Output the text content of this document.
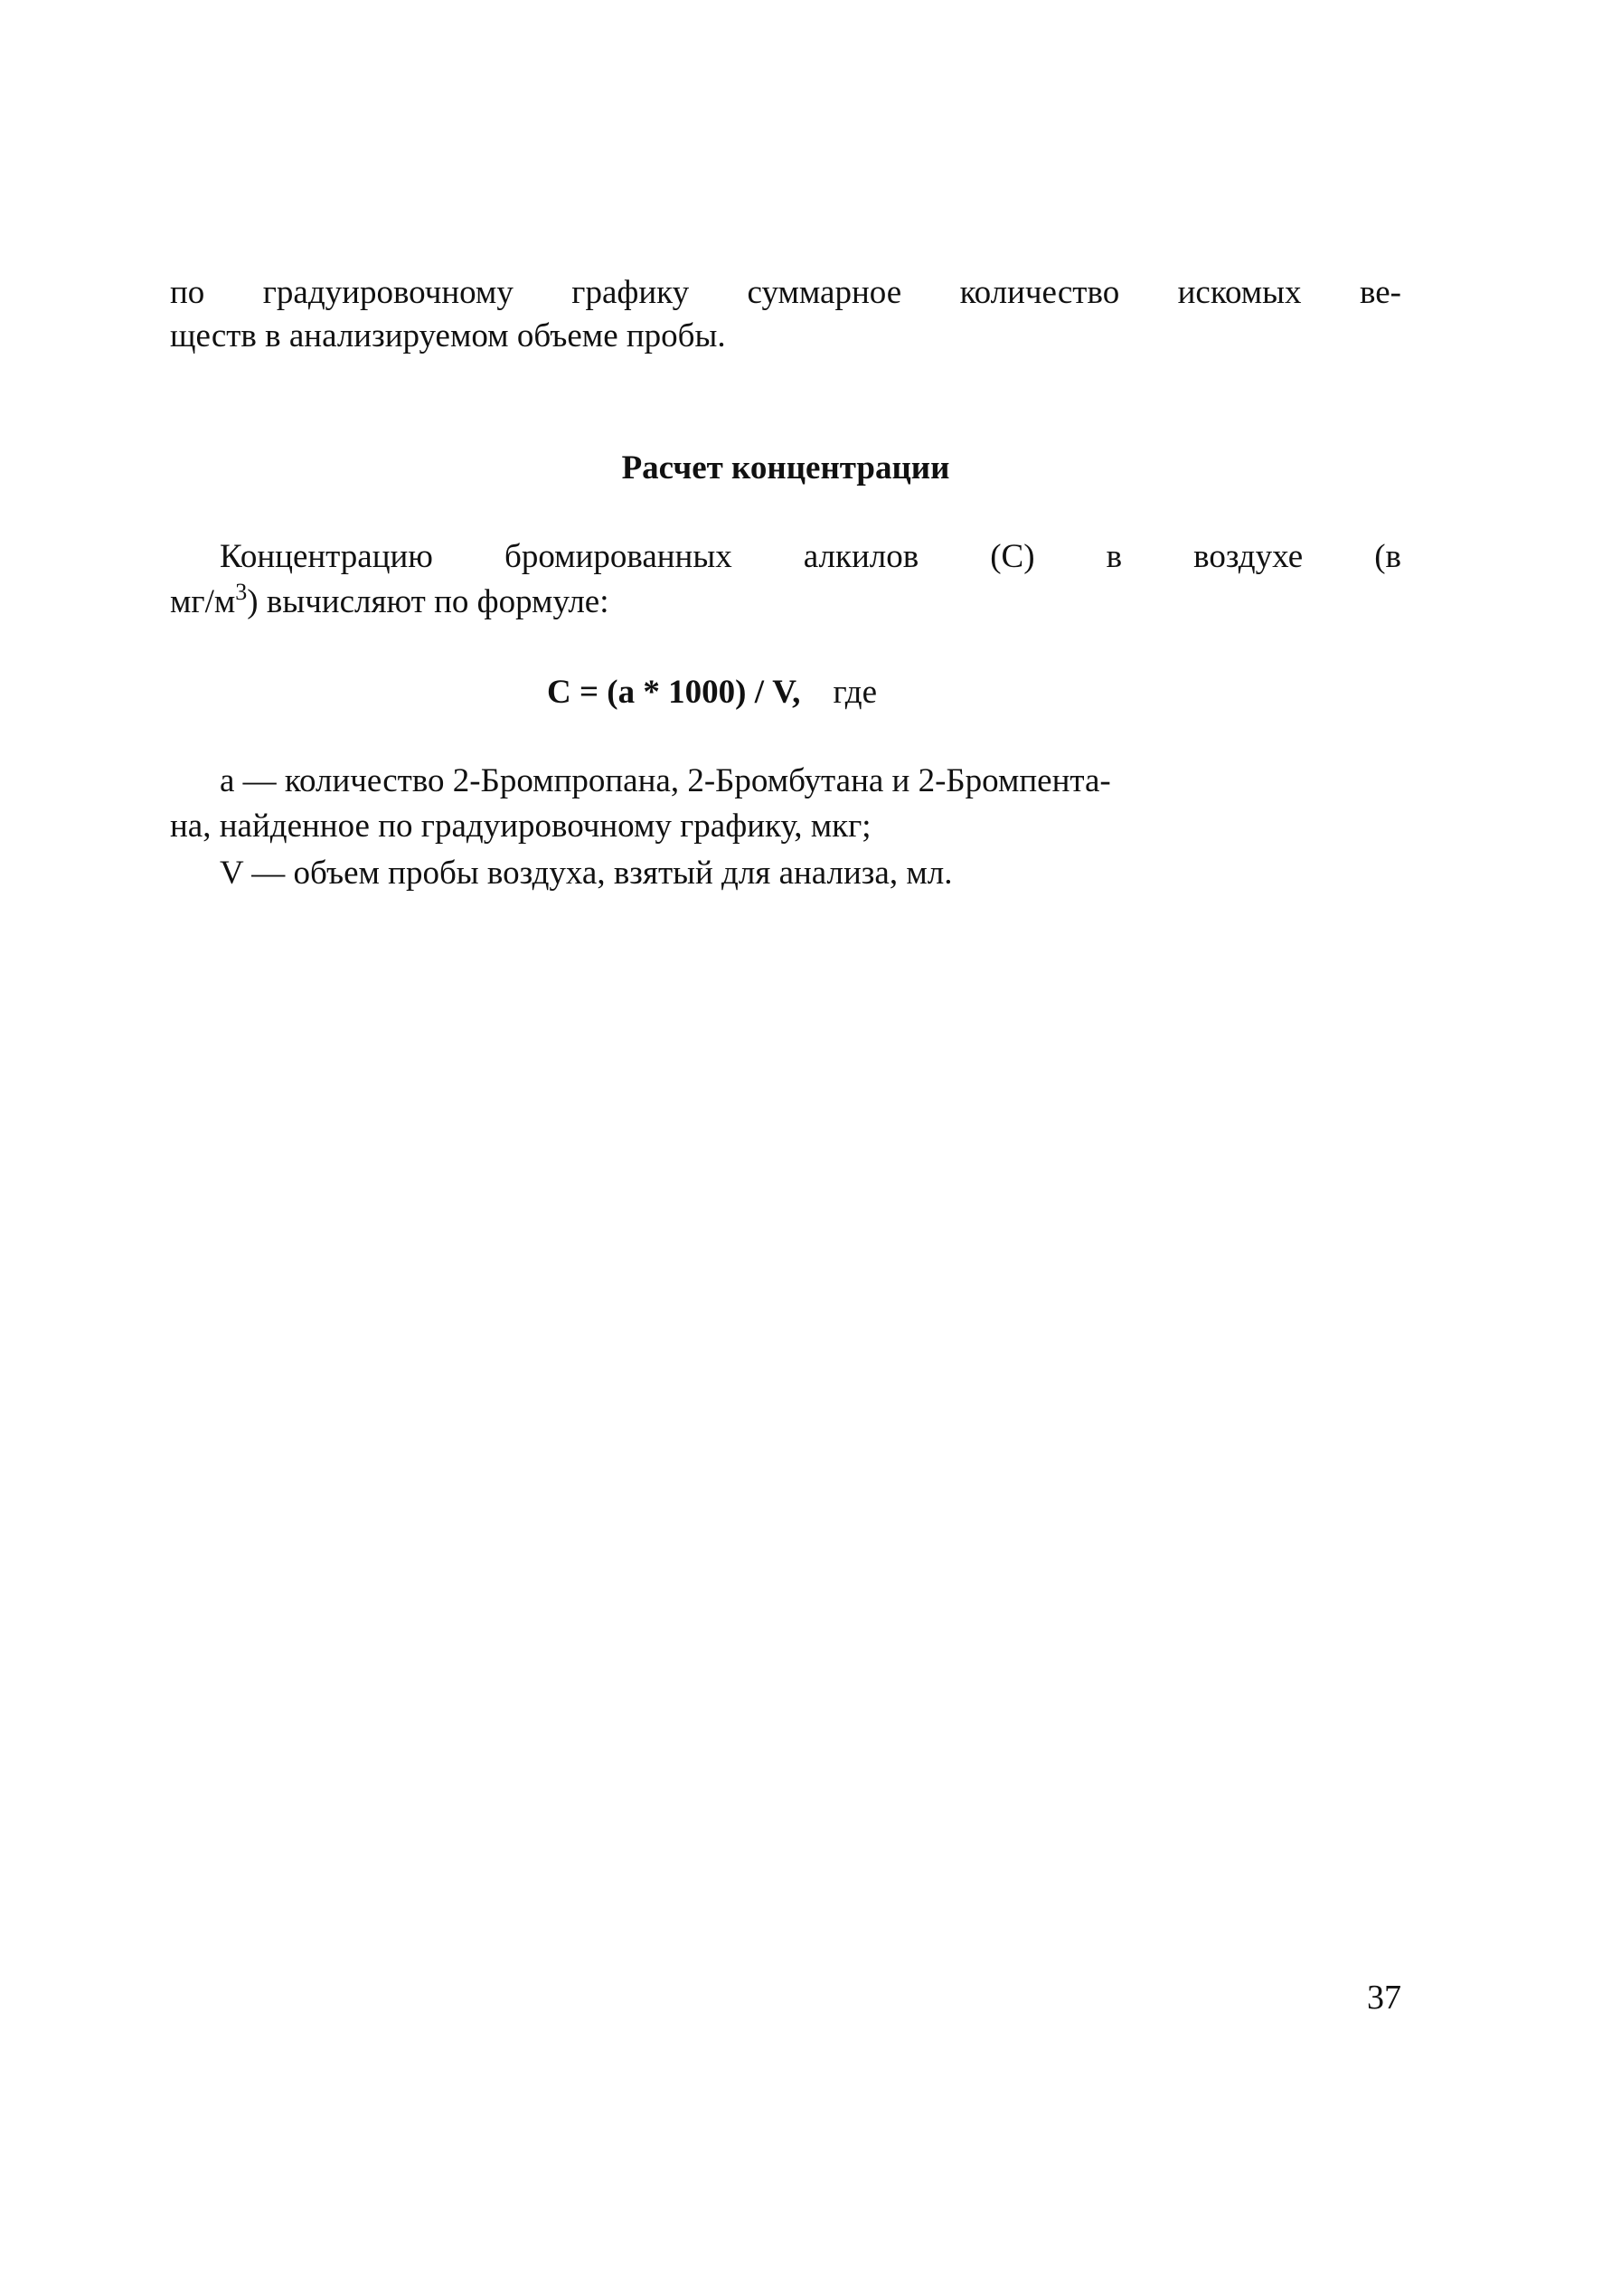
по градуировочному графику суммарное количество искомых ве-
ществ в анализируемом объеме пробы.
Расчет концентрации
Концентрацию бромированных алкилов (С) в воздухе (в
$мг/м^3$) вычисляют по формуле:
С = (а * 1000) / V, где
а — количество 2-Бромпропана, 2-Бромбутана и 2-Бромпента-
на, найденное по градуировочному графику, мкг;
V — объем пробы воздуха, взятый для анализа, мл.
37
